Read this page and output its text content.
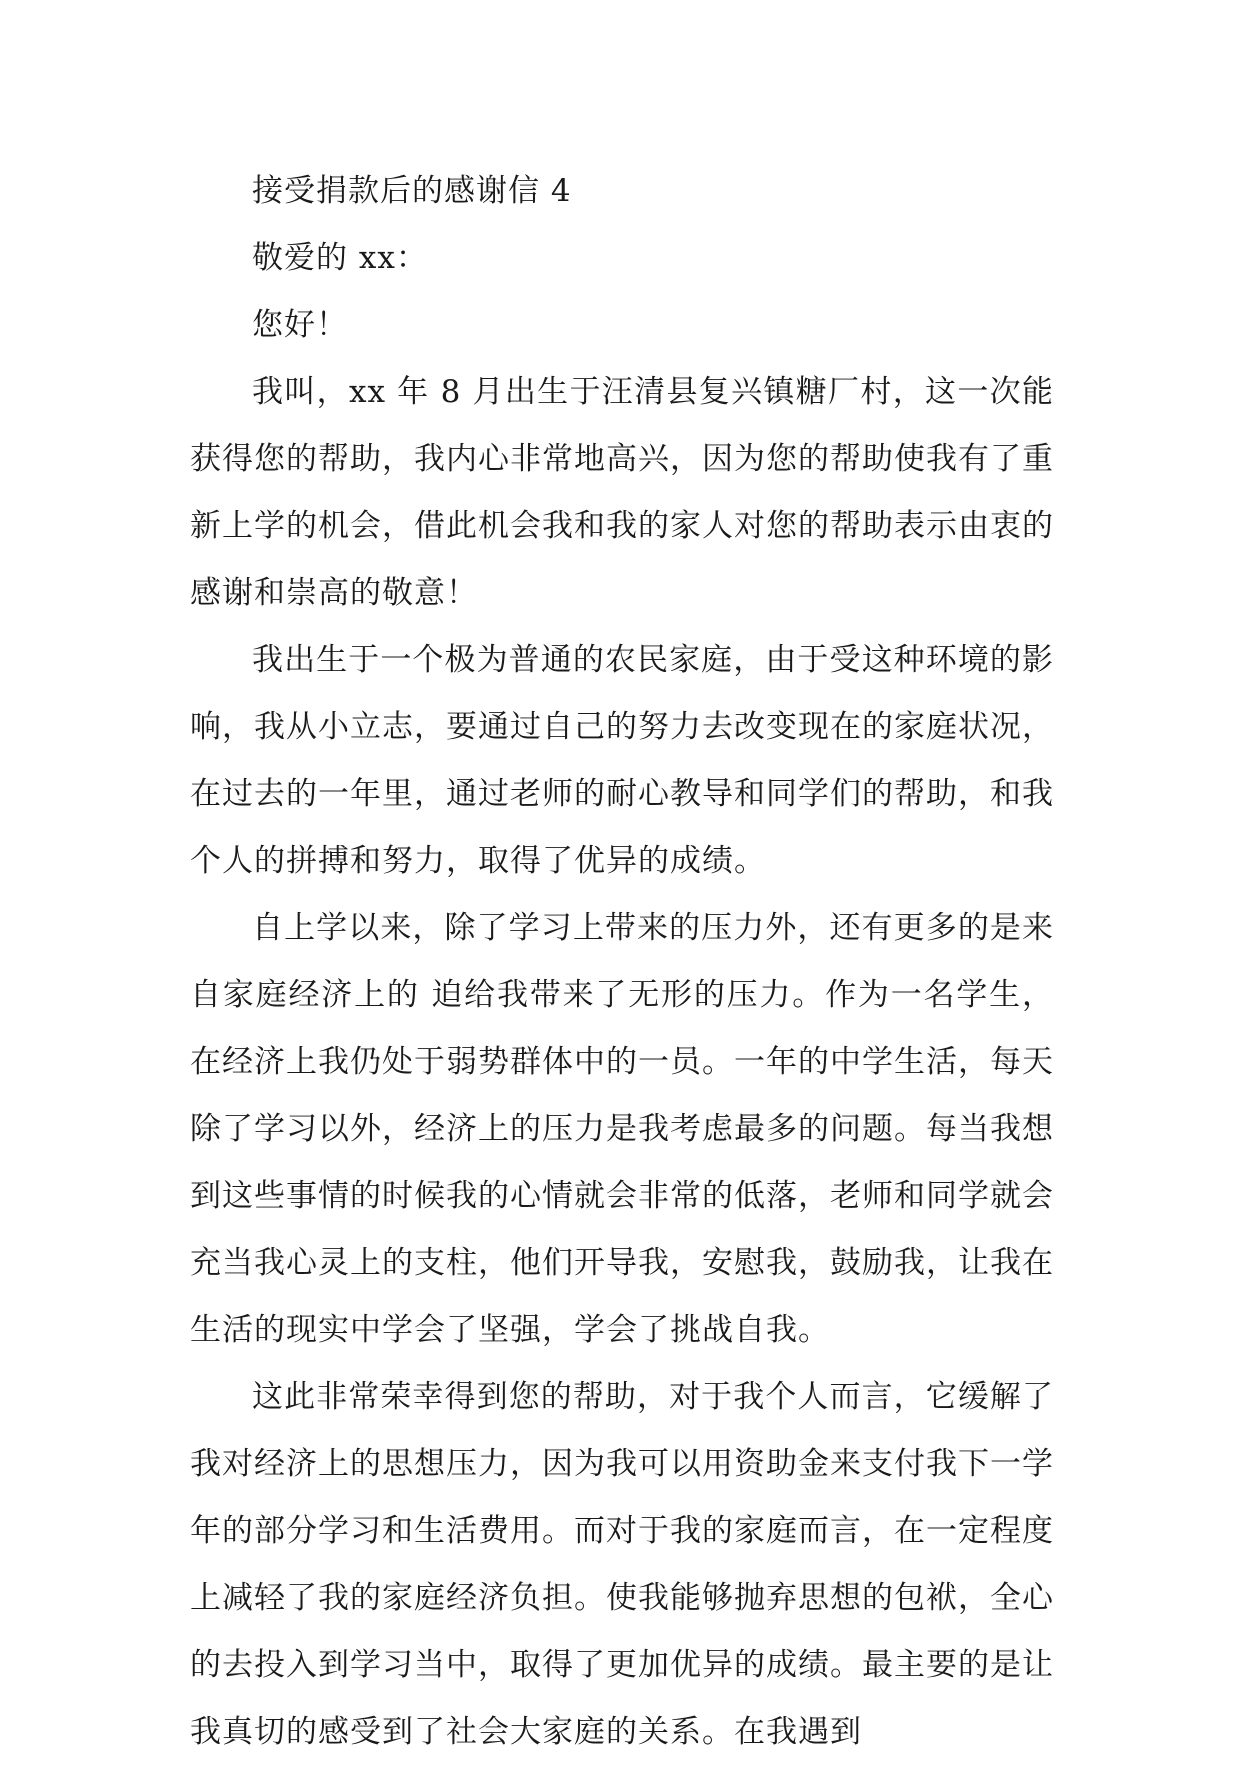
接受捐款后的感谢信 4

敬爱的 xx：

您好！

我叫，xx 年 8 月出生于汪清县复兴镇糖厂村，这一次能获得您的帮助，我内心非常地高兴，因为您的帮助使我有了重新上学的机会，借此机会我和我的家人对您的帮助表示由衷的感谢和崇高的敬意！

我出生于一个极为普通的农民家庭，由于受这种环境的影响，我从小立志，要通过自己的努力去改变现在的家庭状况，在过去的一年里，通过老师的耐心教导和同学们的帮助，和我个人的拼搏和努力，取得了优异的成绩。

自上学以来，除了学习上带来的压力外，还有更多的是来自家庭经济上的 迫给我带来了无形的压力。作为一名学生，在经济上我仍处于弱势群体中的一员。一年的中学生活，每天除了学习以外，经济上的压力是我考虑最多的问题。每当我想到这些事情的时候我的心情就会非常的低落，老师和同学就会充当我心灵上的支柱，他们开导我，安慰我，鼓励我，让我在生活的现实中学会了坚强，学会了挑战自我。

这此非常荣幸得到您的帮助，对于我个人而言，它缓解了我对经济上的思想压力，因为我可以用资助金来支付我下一学年的部分学习和生活费用。而对于我的家庭而言，在一定程度上减轻了我的家庭经济负担。使我能够抛弃思想的包袱，全心的去投入到学习当中，取得了更加优异的成绩。最主要的是让我真切的感受到了社会大家庭的关系。在我遇到
